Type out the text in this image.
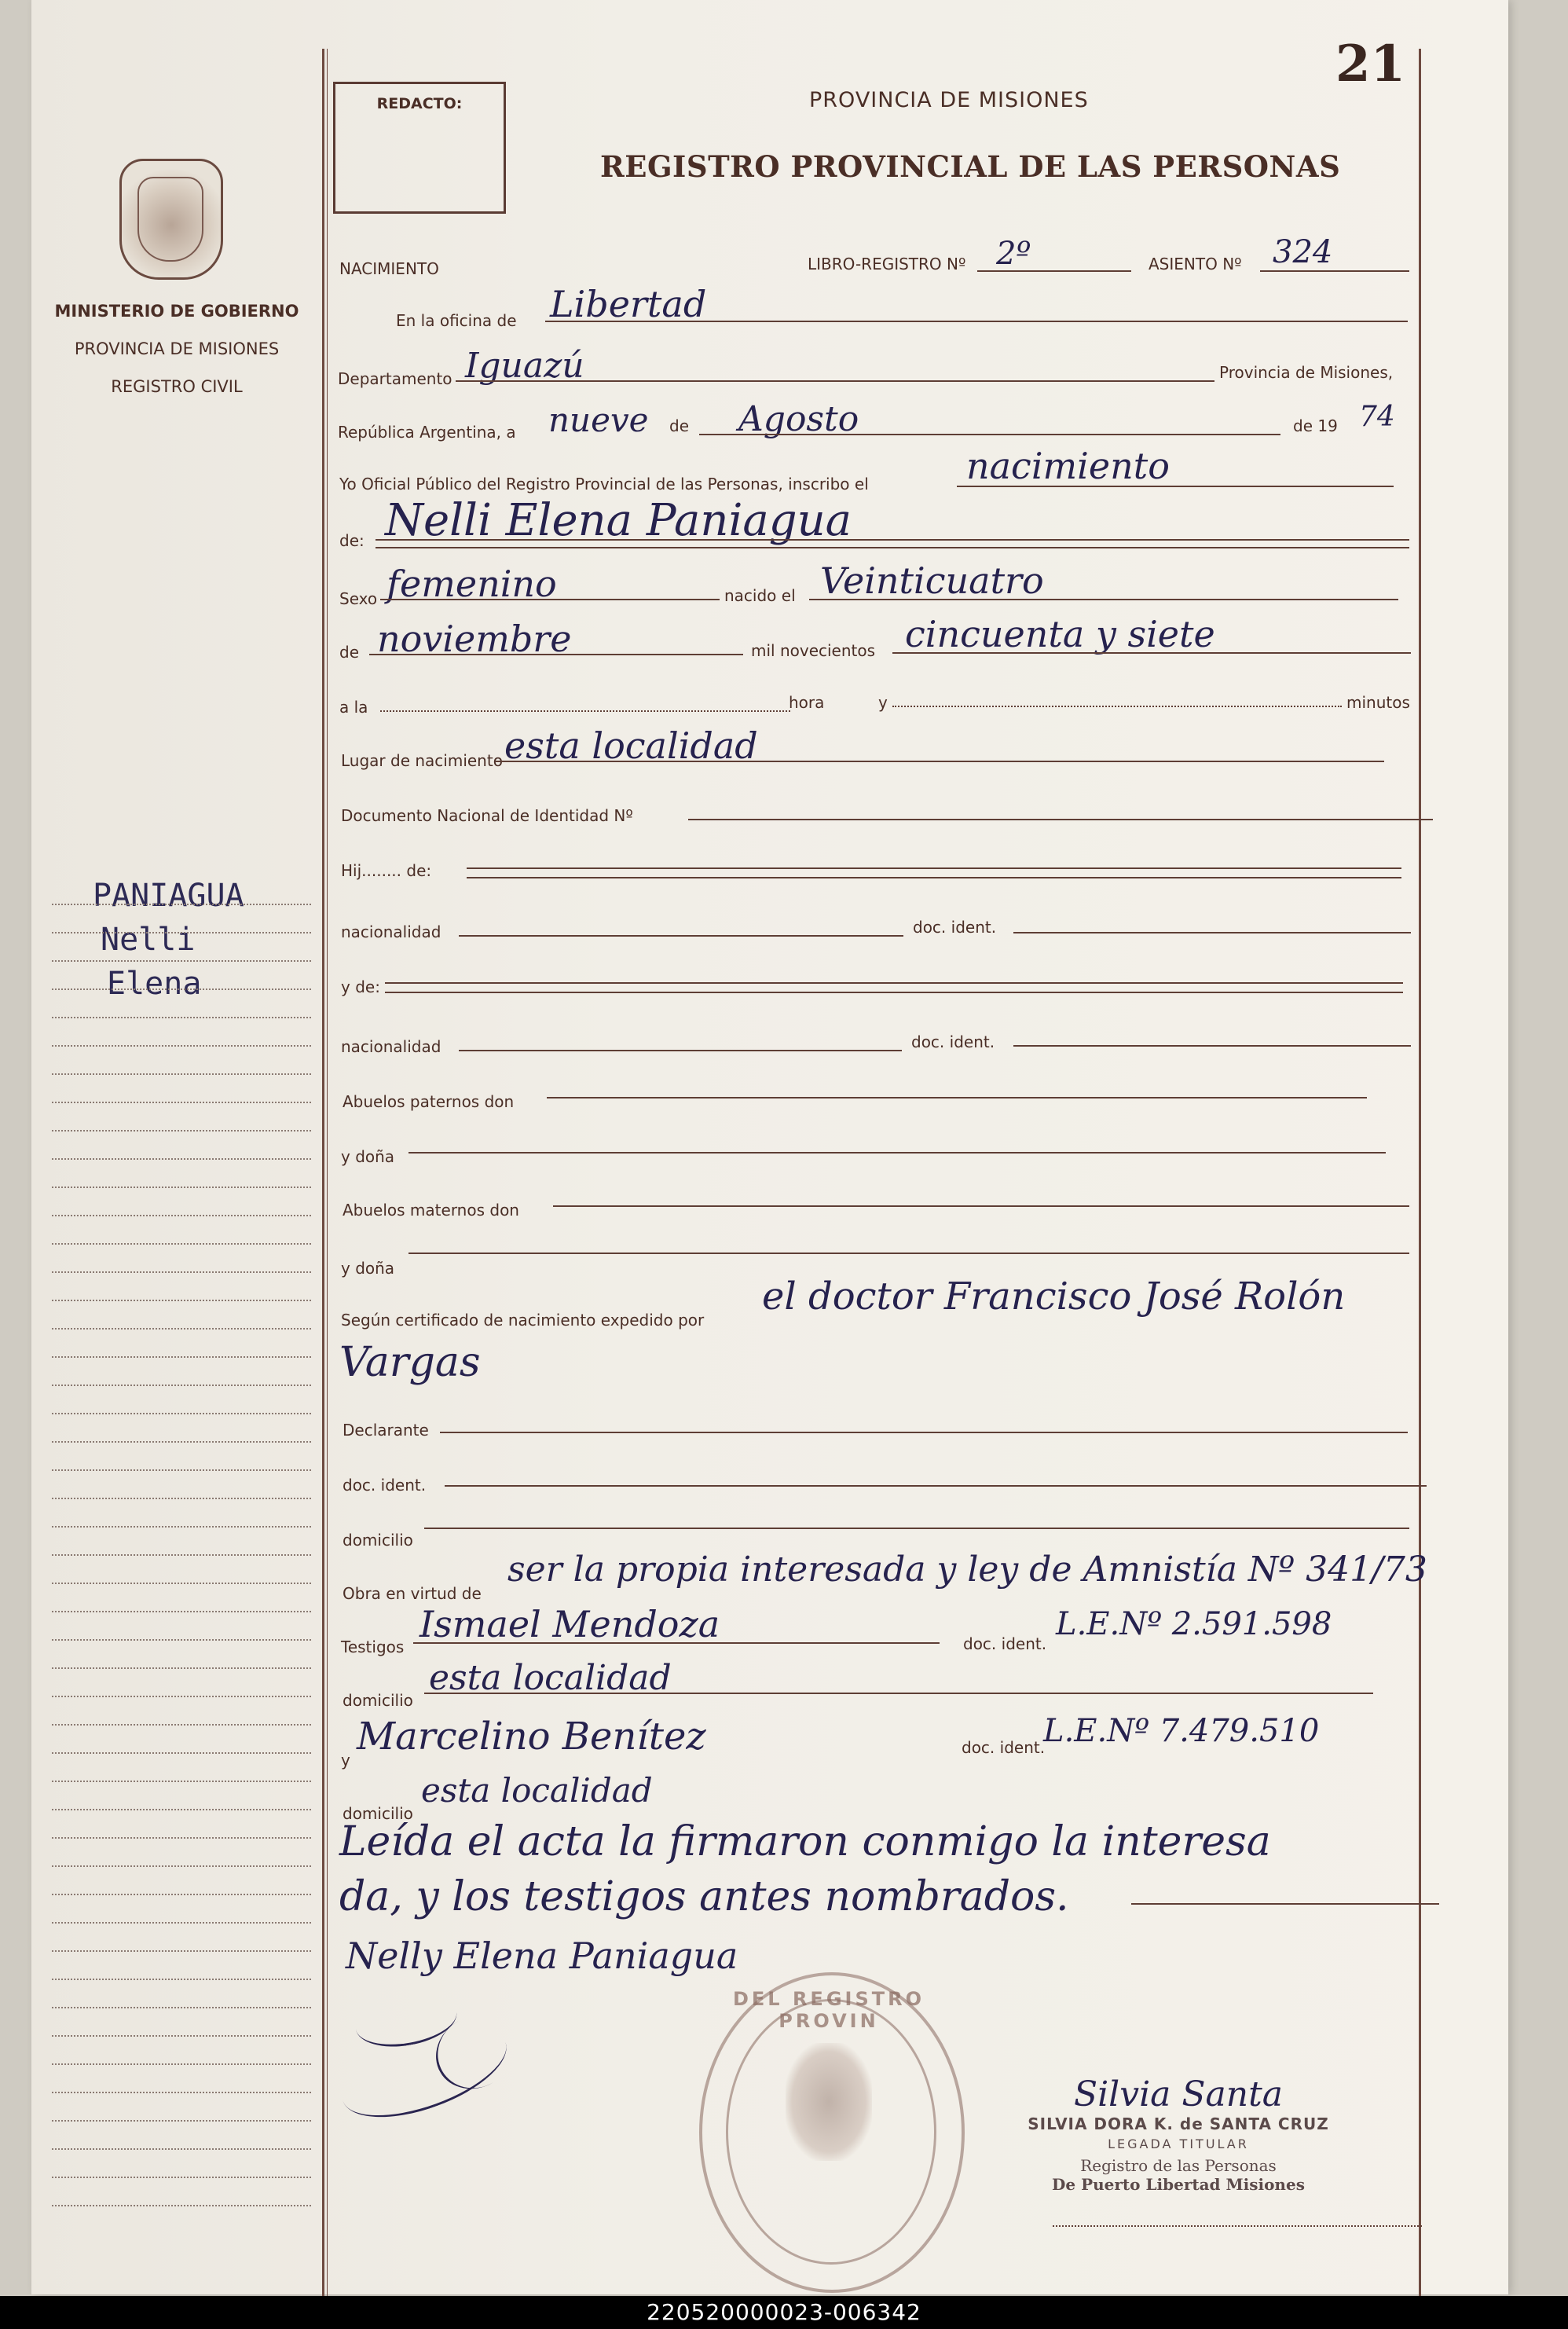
21
REDACTO:	PROVINCIA DE MISIONES
REGISTRO PROVINCIAL DE LAS PERSONAS
MINISTERIO DE GOBIERNO
PROVINCIA DE MISIONES
REGISTRO CIVIL
PANIAGUA
Nelli
Elena
NACIMIENTO	LIBRO-REGISTRO Nº 2º	ASIENTO Nº 324
En la oficina de Libertad
Departamento Iguazú	Provincia de Misiones,
República Argentina, a nueve de Agosto	de 19 74
Yo Oficial Público del Registro Provincial de las Personas, inscribo el	nacimiento
de: Nelli Elena Paniagua
Sexo femenino	nacido el Veinticuatro
de noviembre	mil novecientos cincuenta y siete
a la	hora	y	minutos
Lugar de nacimiento esta localidad
Documento Nacional de Identidad Nº
Hij........ de:
nacionalidad	doc. ident.
y de:
nacionalidad	doc. ident.
Abuelos paternos don
y doña
Abuelos maternos don
y doña
Según certificado de nacimiento expedido por
el doctor Francisco José Rolón
Vargas
Declarante
doc. ident.
domicilio
Obra en virtud de
ser la propia interesada y ley de Amnistía Nº 341/73
Testigos
Ismael Mendoza	doc. ident.
L.E.Nº 2.591.598
domicilio
esta localidad
y
Marcelino Benítez	doc. ident.
L.E.Nº 7.479.510
domicilio
esta localidad
Leída el acta la firmaron conmigo la interesa
da, y los testigos antes nombrados.
Nelly Elena Paniagua
DEL REGISTRO PROVIN
Silvia Santa
SILVIA DORA K. de SANTA CRUZ
LEGADA TITULAR
Registro de las Personas
De Puerto Libertad Misiones
220520000023-006342
